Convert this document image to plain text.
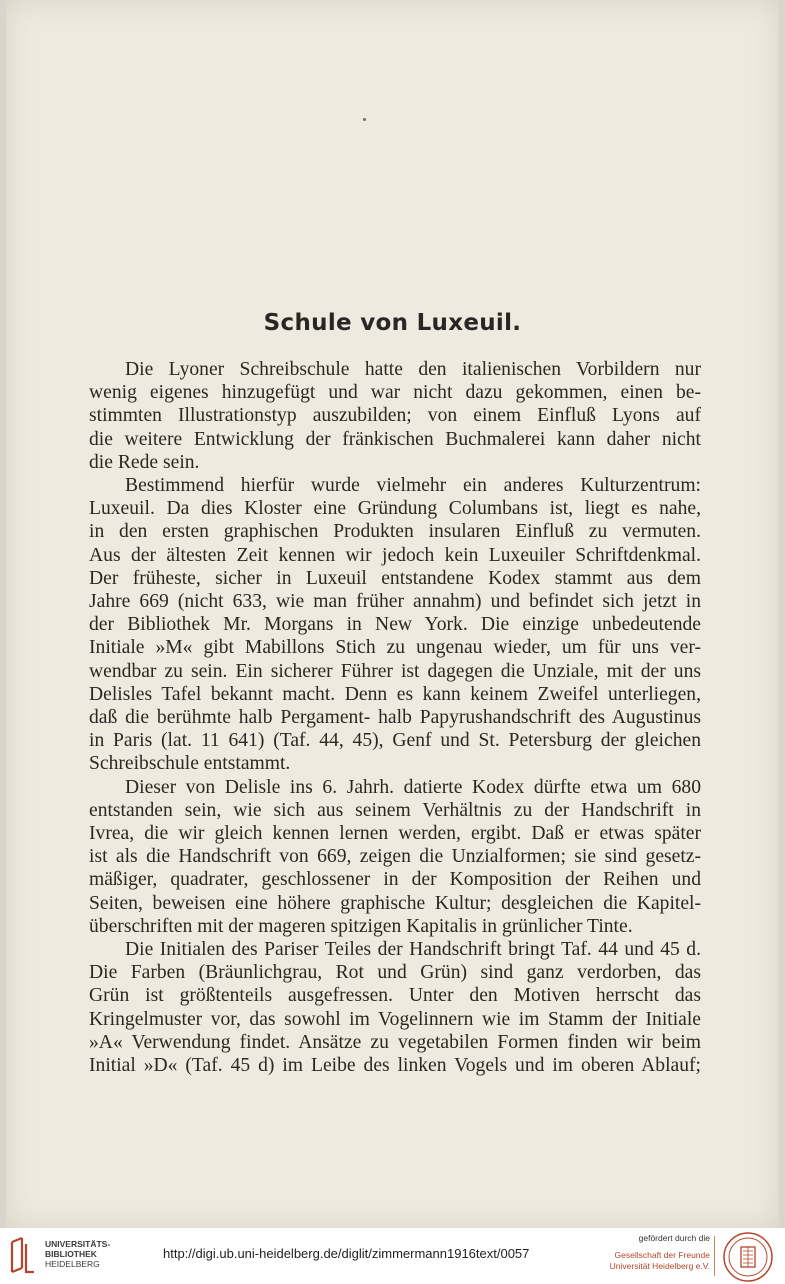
Schule von Luxeuil.

Die Lyoner Schreibschule hatte den italienischen Vorbildern nur

wenig eigenes hinzugefügt und war nicht dazu gekommen, einen be-

stimmten Illustrationstyp auszubilden; von einem Einfluß Lyons auf

die weitere Entwicklung der fränkischen Buchmalerei kann daher nicht

die Rede sein.

Bestimmend hierfür wurde vielmehr ein anderes Kulturzentrum:

Luxeuil. Da dies Kloster eine Gründung Columbans ist, liegt es nahe,

in den ersten graphischen Produkten insularen Einfluß zu vermuten.

Aus der ältesten Zeit kennen wir jedoch kein Luxeuiler Schriftdenkmal.

Der früheste, sicher in Luxeuil entstandene Kodex stammt aus dem

Jahre 669 (nicht 633, wie man früher annahm) und befindet sich jetzt in

der Bibliothek Mr. Morgans in New York. Die einzige unbedeutende

Initiale »M« gibt Mabillons Stich zu ungenau wieder, um für uns ver-

wendbar zu sein. Ein sicherer Führer ist dagegen die Unziale, mit der uns

Delisles Tafel bekannt macht. Denn es kann keinem Zweifel unterliegen,

daß die berühmte halb Pergament- halb Papyrushandschrift des Augustinus

in Paris (lat. 11 641) (Taf. 44, 45), Genf und St. Petersburg der gleichen

Schreibschule entstammt.

Dieser von Delisle ins 6. Jahrh. datierte Kodex dürfte etwa um 680

entstanden sein, wie sich aus seinem Verhältnis zu der Handschrift in

Ivrea, die wir gleich kennen lernen werden, ergibt. Daß er etwas später

ist als die Handschrift von 669, zeigen die Unzialformen; sie sind gesetz-

mäßiger, quadrater, geschlossener in der Komposition der Reihen und

Seiten, beweisen eine höhere graphische Kultur; desgleichen die Kapitel-

überschriften mit der mageren spitzigen Kapitalis in grünlicher Tinte.

Die Initialen des Pariser Teiles der Handschrift bringt Taf. 44 und 45 d.

Die Farben (Bräunlichgrau, Rot und Grün) sind ganz verdorben, das

Grün ist größtenteils ausgefressen. Unter den Motiven herrscht das

Kringelmuster vor, das sowohl im Vogelinnern wie im Stamm der Initiale

»A« Verwendung findet. Ansätze zu vegetabilen Formen finden wir beim

Initial »D« (Taf. 45 d) im Leibe des linken Vogels und im oberen Ablauf;

UNIVERSITÄTS-
BIBLIOTHEK
HEIDELBERG
http://digi.ub.uni-heidelberg.de/diglit/zimmermann1916text/0057
gefördert durch die
Gesellschaft der Freunde
Universität Heidelberg e.V.
